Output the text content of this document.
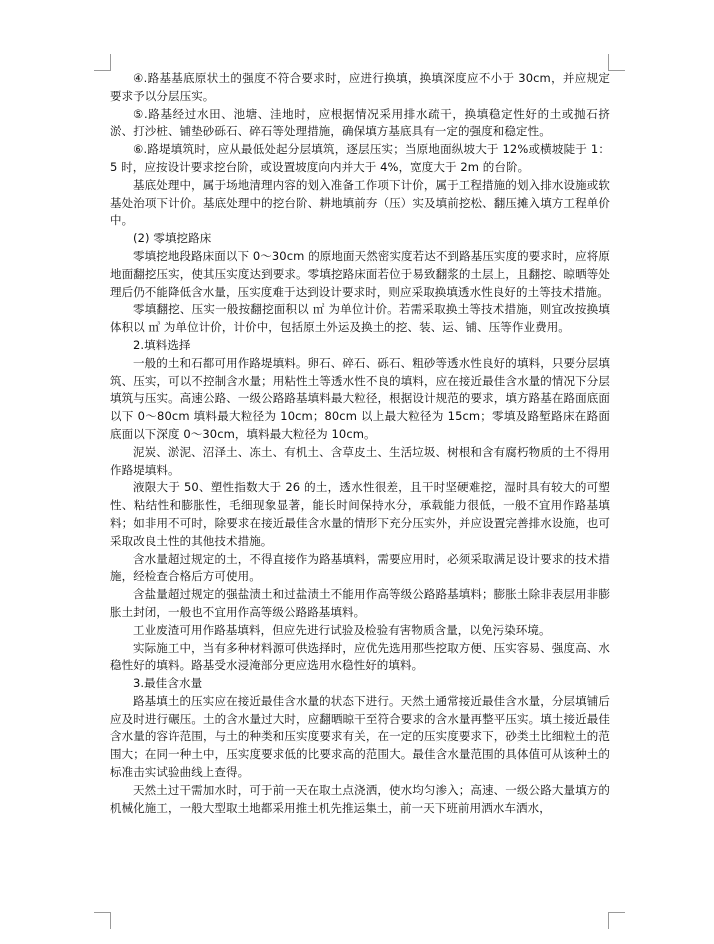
④.路基基底原状土的强度不符合要求时，应进行换填，换填深度应不小于 30cm，并应规定要求予以分层压实。

⑤.路基经过水田、池塘、洼地时，应根据情况采用排水疏干，换填稳定性好的土或抛石挤淤、打沙桩、铺垫砂砾石、碎石等处理措施，确保填方基底具有一定的强度和稳定性。

⑥.路堤填筑时，应从最低处起分层填筑，逐层压实；当原地面纵坡大于 12%或横坡陡于 1：5 时，应按设计要求挖台阶，或设置坡度向内并大于 4%，宽度大于 2m 的台阶。

基底处理中，属于场地清理内容的划入准备工作项下计价，属于工程措施的划入排水设施或软基处治项下计价。基底处理中的挖台阶、耕地填前夯（压）实及填前挖松、翻压摊入填方工程单价中。

(2) 零填挖路床

零填挖地段路床面以下 0～30cm 的原地面天然密实度若达不到路基压实度的要求时，应将原地面翻挖压实，使其压实度达到要求。零填挖路床面若位于易致翻浆的土层上，且翻挖、晾晒等处理后仍不能降低含水量，压实度难于达到设计要求时，则应采取换填透水性良好的土等技术措施。

零填翻挖、压实一般按翻挖面积以 ㎡ 为单位计价。若需采取换土等技术措施，则宜改按换填体积以 ㎥ 为单位计价，计价中，包括原土外运及换土的挖、装、运、铺、压等作业费用。

2.填料选择

一般的土和石都可用作路堤填料。卵石、碎石、砾石、粗砂等透水性良好的填料，只要分层填筑、压实，可以不控制含水量；用粘性土等透水性不良的填料，应在接近最佳含水量的情况下分层填筑与压实。高速公路、一级公路路基填料最大粒径，根据设计规范的要求，填方路基在路面底面以下 0～80cm 填料最大粒径为 10cm；80cm 以上最大粒径为 15cm；零填及路堑路床在路面底面以下深度 0～30cm，填料最大粒径为 10cm。

泥炭、淤泥、沼泽土、冻土、有机土、含草皮土、生活垃圾、树根和含有腐朽物质的土不得用作路堤填料。

液限大于 50、塑性指数大于 26 的土，透水性很差，且干时坚硬难挖，湿时具有较大的可塑性、粘结性和膨胀性，毛细现象显著，能长时间保持水分，承载能力很低，一般不宜用作路基填料；如非用不可时，除要求在接近最佳含水量的情形下充分压实外，并应设置完善排水设施，也可采取改良土性的其他技术措施。

含水量超过规定的土，不得直接作为路基填料，需要应用时，必须采取满足设计要求的技术措施，经检查合格后方可使用。

含盐量超过规定的强盐渍土和过盐渍土不能用作高等级公路路基填料；膨胀土除非表层用非膨胀土封闭，一般也不宜用作高等级公路路基填料。

工业废渣可用作路基填料，但应先进行试验及检验有害物质含量，以免污染环境。

实际施工中，当有多种材料源可供选择时，应优先选用那些挖取方便、压实容易、强度高、水稳性好的填料。路基受水浸淹部分更应选用水稳性好的填料。

3.最佳含水量

路基填土的压实应在接近最佳含水量的状态下进行。天然土通常接近最佳含水量，分层填铺后应及时进行碾压。土的含水量过大时，应翻晒晾干至符合要求的含水量再整平压实。填土接近最佳含水量的容许范围，与土的种类和压实度要求有关，在一定的压实度要求下，砂类土比细粒土的范围大；在同一种土中，压实度要求低的比要求高的范围大。最佳含水量范围的具体值可从该种土的标准击实试验曲线上查得。

天然土过干需加水时，可于前一天在取土点浇洒，使水均匀渗入；高速、一级公路大量填方的机械化施工，一般大型取土地都采用推土机先推运集土，前一天下班前用洒水车洒水，
